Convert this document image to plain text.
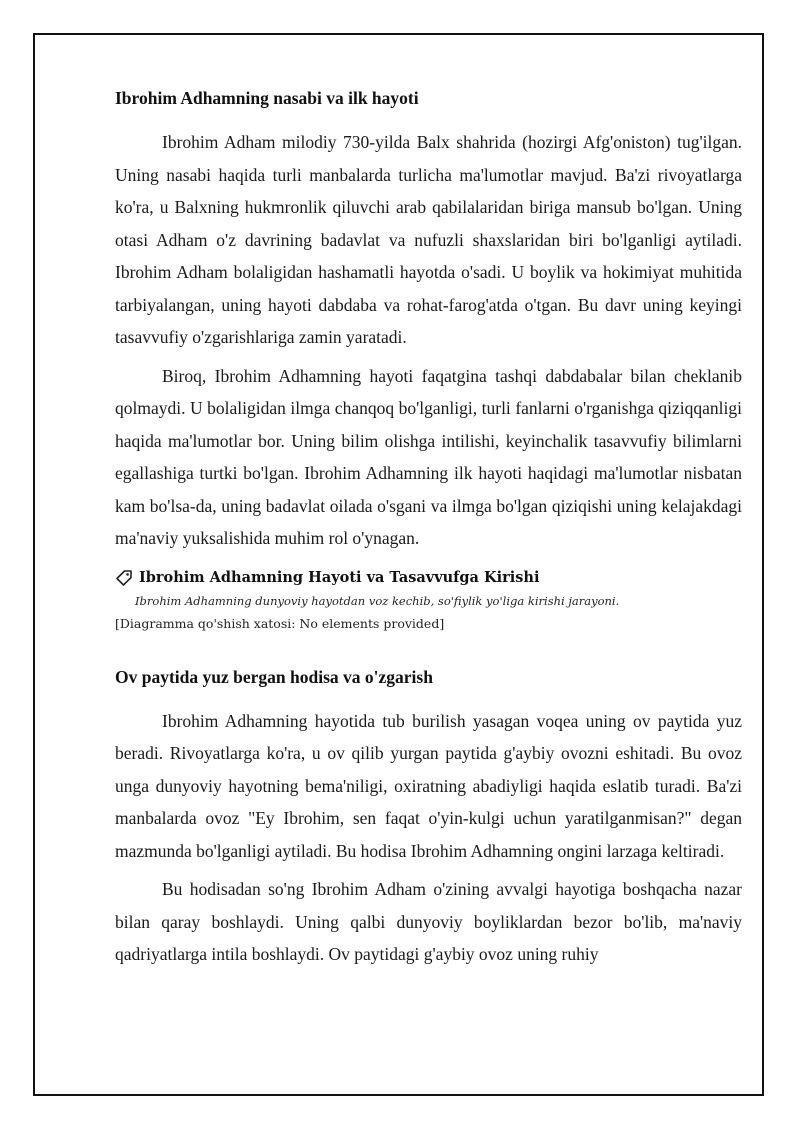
Ibrohim Adhamning nasabi va ilk hayoti

Ibrohim Adham milodiy 730-yilda Balx shahrida (hozirgi Afg'oniston) tug'ilgan. Uning nasabi haqida turli manbalarda turlicha ma'lumotlar mavjud. Ba'zi rivoyatlarga ko'ra, u Balxning hukmronlik qiluvchi arab qabilalaridan biriga mansub bo'lgan. Uning otasi Adham o'z davrining badavlat va nufuzli shaxslaridan biri bo'lganligi aytiladi. Ibrohim Adham bolaligidan hashamatli hayotda o'sadi. U boylik va hokimiyat muhitida tarbiyalangan, uning hayoti dabdaba va rohat-farog'atda o'tgan. Bu davr uning keyingi tasavvufiy o'zgarishlariga zamin yaratadi.

Biroq, Ibrohim Adhamning hayoti faqatgina tashqi dabdabalar bilan cheklanib qolmaydi. U bolaligidan ilmga chanqoq bo'lganligi, turli fanlarni o'rganishga qiziqqanligi haqida ma'lumotlar bor. Uning bilim olishga intilishi, keyinchalik tasavvufiy bilimlarni egallashiga turtki bo'lgan. Ibrohim Adhamning ilk hayoti haqidagi ma'lumotlar nisbatan kam bo'lsa-da, uning badavlat oilada o'sgani va ilmga bo'lgan qiziqishi uning kelajakdagi ma'naviy yuksalishida muhim rol o'ynagan.

Ibrohim Adhamning Hayoti va Tasavvufga Kirishi
Ibrohim Adhamning dunyoviy hayotdan voz kechib, so'fiylik yo'liga kirishi jarayoni.
[Diagramma qo'shish xatosi: No elements provided]
Ov paytida yuz bergan hodisa va o'zgarish

Ibrohim Adhamning hayotida tub burilish yasagan voqea uning ov paytida yuz beradi. Rivoyatlarga ko'ra, u ov qilib yurgan paytida g'aybiy ovozni eshitadi. Bu ovoz unga dunyoviy hayotning bema'niligi, oxiratning abadiyligi haqida eslatib turadi. Ba'zi manbalarda ovoz "Ey Ibrohim, sen faqat o'yin-kulgi uchun yaratilganmisan?" degan mazmunda bo'lganligi aytiladi. Bu hodisa Ibrohim Adhamning ongini larzaga keltiradi.

Bu hodisadan so'ng Ibrohim Adham o'zining avvalgi hayotiga boshqacha nazar bilan qaray boshlaydi. Uning qalbi dunyoviy boyliklardan bezor bo'lib, ma'naviy qadriyatlarga intila boshlaydi. Ov paytidagi g'aybiy ovoz uning ruhiy
